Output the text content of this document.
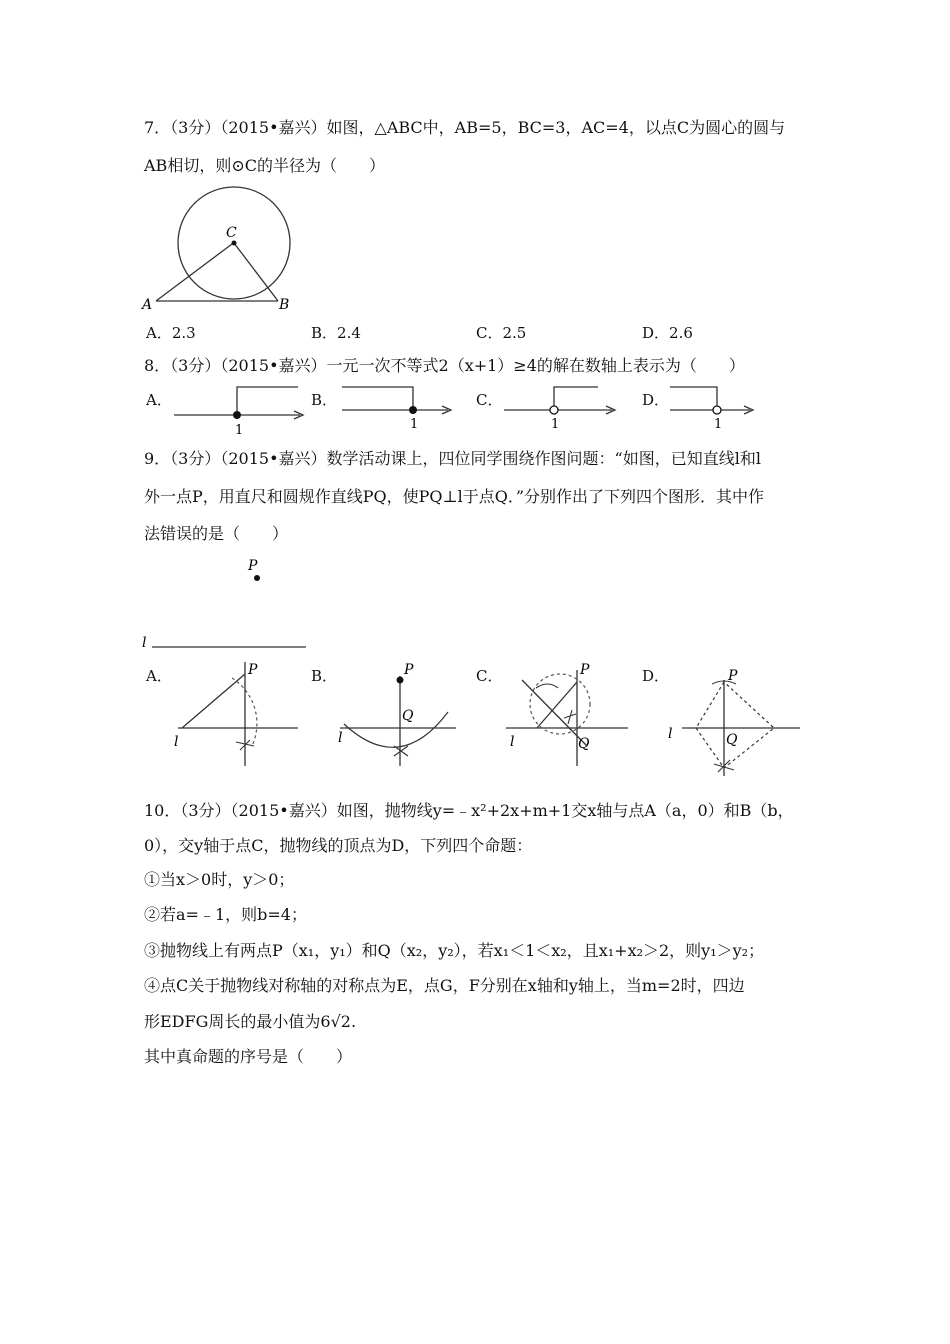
7．（3分）（2015•嘉兴）如图，△ABC中，AB=5，BC=3，AC=4，以点C为圆心的圆与
AB相切，则⊙C的半径为（　　）
C
A	B
A．2.3	B．2.4	C．2.5	D．2.6
8．（3分）（2015•嘉兴）一元一次不等式2（x+1）≥4的解在数轴上表示为（　　）
A．
1
B．
1
C．
1
D．
1
9．（3分）（2015•嘉兴）数学活动课上，四位同学围绕作图问题：“如图，已知直线l和l
外一点P，用直尺和圆规作直线PQ，使PQ⊥l于点Q．”分别作出了下列四个图形．其中作
法错误的是（　　）
P
l
A．	P
l
B．	P
Q
l
C．	P
Q
l
D．	P
Q
l
10．（3分）（2015•嘉兴）如图，抛物线y=﹣x²+2x+m+1交x轴与点A（a，0）和B（b，
0），交y轴于点C，抛物线的顶点为D，下列四个命题：
①当x＞0时，y＞0；
②若a=﹣1，则b=4；
③抛物线上有两点P（x₁，y₁）和Q（x₂，y₂），若x₁＜1＜x₂，且x₁+x₂＞2，则y₁＞y₂；
④点C关于抛物线对称轴的对称点为E，点G，F分别在x轴和y轴上，当m=2时，四边
形EDFG周长的最小值为6√2.
其中真命题的序号是（　　）
